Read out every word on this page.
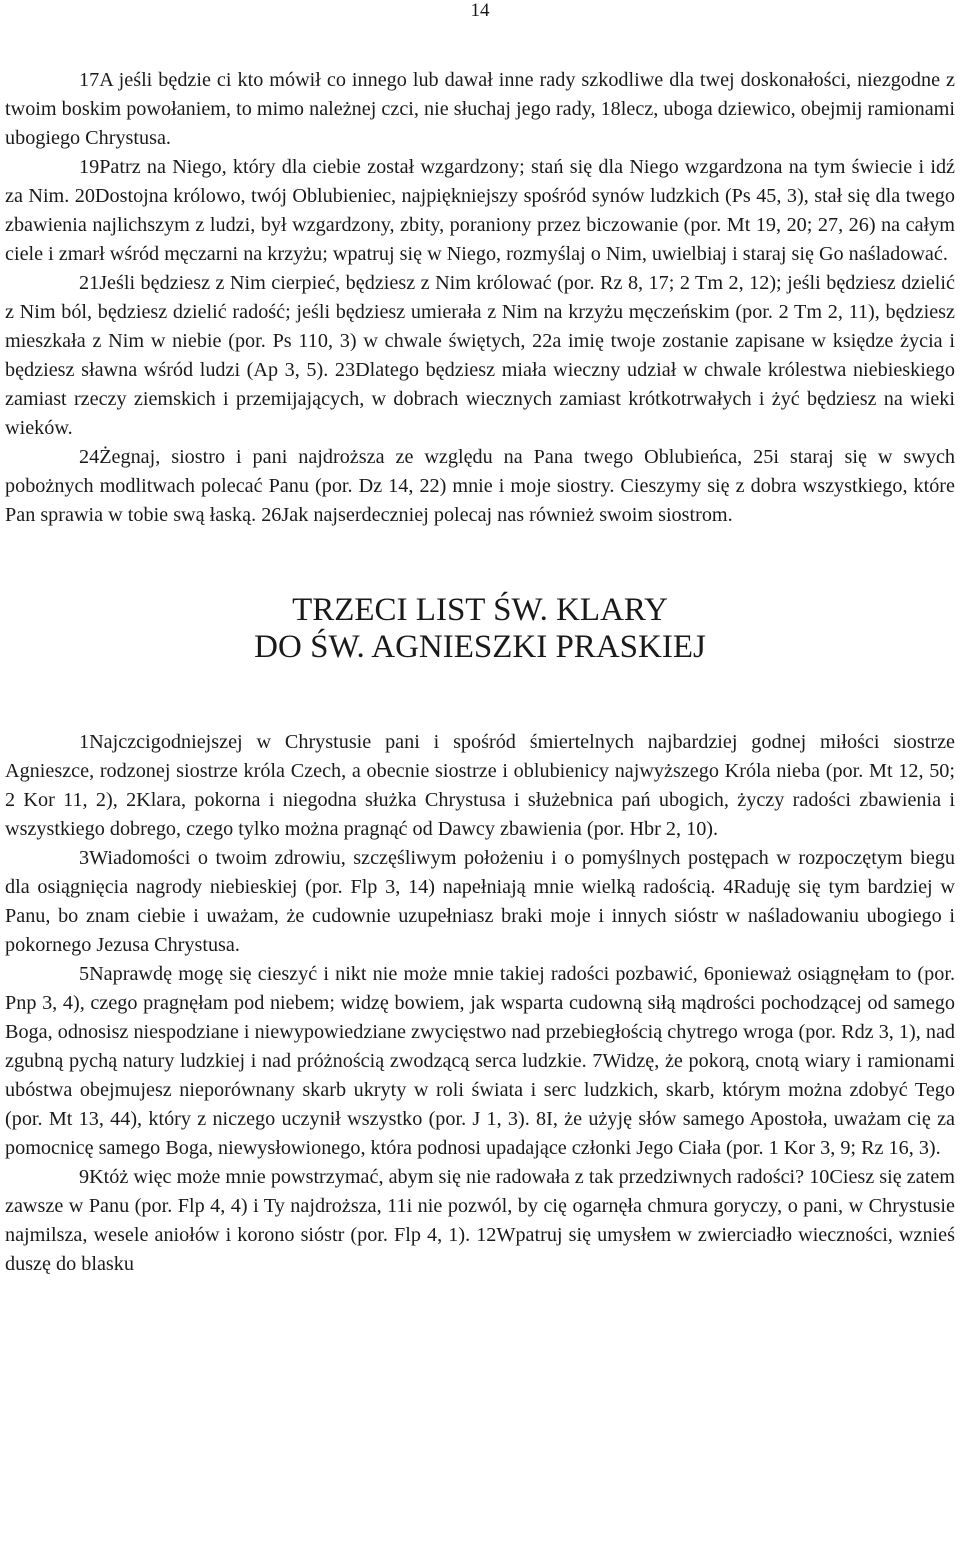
14

17A jeśli będzie ci kto mówił co innego lub dawał inne rady szkodliwe dla twej doskonałości, niezgodne z twoim boskim powołaniem, to mimo należnej czci, nie słuchaj jego rady, 18lecz, uboga dziewico, obejmij ramionami ubogiego Chrystusa.

19Patrz na Niego, który dla ciebie został wzgardzony; stań się dla Niego wzgardzona na tym świecie i idź za Nim. 20Dostojna królowo, twój Oblubieniec, najpiękniejszy spośród synów ludzkich (Ps 45, 3), stał się dla twego zbawienia najlichszym z ludzi, był wzgardzony, zbity, poraniony przez biczowanie (por. Mt 19, 20; 27, 26) na całym ciele i zmarł wśród męczarni na krzyżu; wpatruj się w Niego, rozmyślaj o Nim, uwielbiaj i staraj się Go naśladować.

21Jeśli będziesz z Nim cierpieć, będziesz z Nim królować (por. Rz 8, 17; 2 Tm 2, 12); jeśli będziesz dzielić z Nim ból, będziesz dzielić radość; jeśli będziesz umierała z Nim na krzyżu męczeńskim (por. 2 Tm 2, 11), będziesz mieszkała z Nim w niebie (por. Ps 110, 3) w chwale świętych, 22a imię twoje zostanie zapisane w księdze życia i będziesz sławna wśród ludzi (Ap 3, 5). 23Dlatego będziesz miała wieczny udział w chwale królestwa niebieskiego zamiast rzeczy ziemskich i przemijających, w dobrach wiecznych zamiast krótkotrwałych i żyć będziesz na wieki wieków.

24Żegnaj, siostro i pani najdroższa ze względu na Pana twego Oblubieńca, 25i staraj się w swych pobożnych modlitwach polecać Panu (por. Dz 14, 22) mnie i moje siostry. Cieszymy się z dobra wszystkiego, które Pan sprawia w tobie swą łaską. 26Jak najserdeczniej polecaj nas również swoim siostrom.

TRZECI LIST ŚW. KLARY
DO ŚW. AGNIESZKI PRASKIEJ

1Najczcigodniejszej w Chrystusie pani i spośród śmiertelnych najbardziej godnej miłości siostrze Agnieszce, rodzonej siostrze króla Czech, a obecnie siostrze i oblubienicy najwyższego Króla nieba (por. Mt 12, 50; 2 Kor 11, 2), 2Klara, pokorna i niegodna służka Chrystusa i służebnica pań ubogich, życzy radości zbawienia i wszystkiego dobrego, czego tylko można pragnąć od Dawcy zbawienia (por. Hbr 2, 10).

3Wiadomości o twoim zdrowiu, szczęśliwym położeniu i o pomyślnych postępach w rozpoczętym biegu dla osiągnięcia nagrody niebieskiej (por. Flp 3, 14) napełniają mnie wielką radością. 4Raduję się tym bardziej w Panu, bo znam ciebie i uważam, że cudownie uzupełniasz braki moje i innych sióstr w naśladowaniu ubogiego i pokornego Jezusa Chrystusa.

5Naprawdę mogę się cieszyć i nikt nie może mnie takiej radości pozbawić, 6ponieważ osiągnęłam to (por. Pnp 3, 4), czego pragnęłam pod niebem; widzę bowiem, jak wsparta cudowną siłą mądrości pochodzącej od samego Boga, odnosisz niespodziane i niewypowiedziane zwycięstwo nad przebiegłością chytrego wroga (por. Rdz 3, 1), nad zgubną pychą natury ludzkiej i nad próżnością zwodzącą serca ludzkie. 7Widzę, że pokorą, cnotą wiary i ramionami ubóstwa obejmujesz nieporównany skarb ukryty w roli świata i serc ludzkich, skarb, którym można zdobyć Tego (por. Mt 13, 44), który z niczego uczynił wszystko (por. J 1, 3). 8I, że użyję słów samego Apostoła, uważam cię za pomocnicę samego Boga, niewysłowionego, która podnosi upadające członki Jego Ciała (por. 1 Kor 3, 9; Rz 16, 3).

9Któż więc może mnie powstrzymać, abym się nie radowała z tak przedziwnych radości? 10Ciesz się zatem zawsze w Panu (por. Flp 4, 4) i Ty najdroższa, 11i nie pozwól, by cię ogarnęła chmura goryczy, o pani, w Chrystusie najmilsza, wesele aniołów i korono sióstr (por. Flp 4, 1). 12Wpatruj się umysłem w zwierciadło wieczności, wznieś duszę do blasku
